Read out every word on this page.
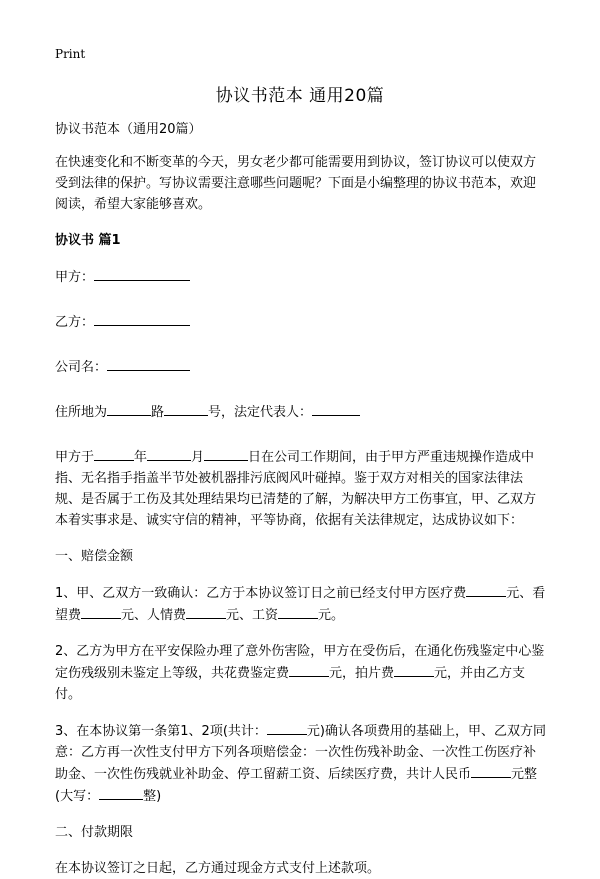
Print
协议书范本 通用20篇

协议书范本（通用20篇）

在快速变化和不断变革的今天，男女老少都可能需要用到协议，签订协议可以使双方受到法律的保护。写协议需要注意哪些问题呢？下面是小编整理的协议书范本，欢迎阅读，希望大家能够喜欢。

协议书 篇1

甲方：

乙方：

公司名：

住所地为	路	号，法定代表人：

甲方于	年	月	日在公司工作期间，由于甲方严重违规操作造成中指、无名指手指盖半节处被机器排污底阀风叶碰掉。鉴于双方对相关的国家法律法规、是否属于工伤及其处理结果均已清楚的了解，为解决甲方工伤事宜，甲、乙双方本着实事求是、诚实守信的精神，平等协商，依据有关法律规定，达成协议如下：

一、赔偿金额

1、甲、乙双方一致确认：乙方于本协议签订日之前已经支付甲方医疗费	元、看望费	元、人情费	元、工资	元。

2、乙方为甲方在平安保险办理了意外伤害险，甲方在受伤后，在通化伤残鉴定中心鉴定伤残级别未鉴定上等级，共花费鉴定费	元，拍片费	元，并由乙方支付。

3、在本协议第一条第1、2项(共计：	元)确认各项费用的基础上，甲、乙双方同意：乙方再一次性支付甲方下列各项赔偿金：一次性伤残补助金、一次性工伤医疗补助金、一次性伤残就业补助金、停工留薪工资、后续医疗费，共计人民币	元整(大写：	整)

二、付款期限

在本协议签订之日起，乙方通过现金方式支付上述款项。
